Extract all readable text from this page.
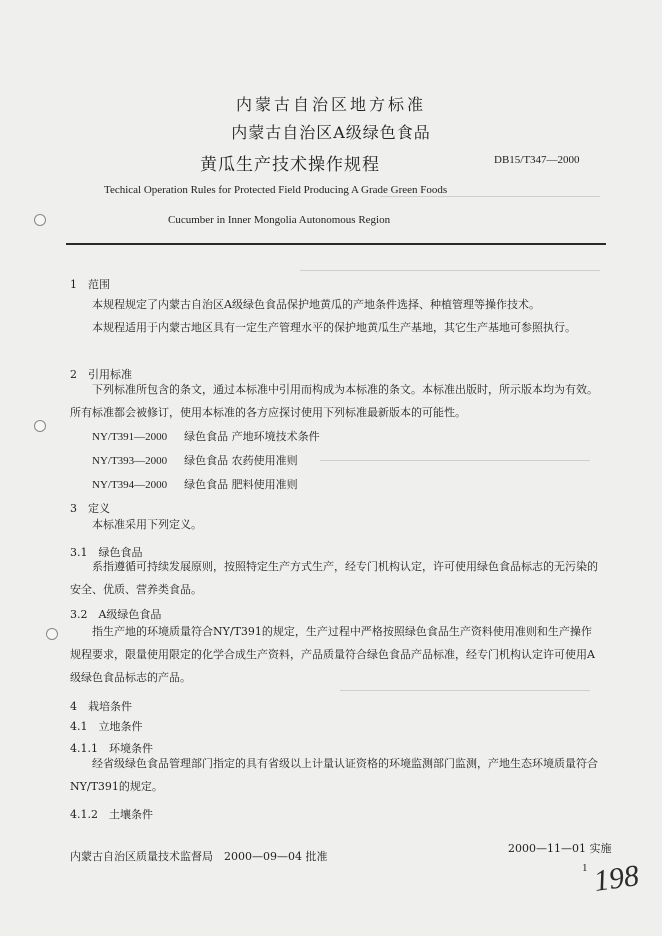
内蒙古自治区地方标准
内蒙古自治区A级绿色食品
黄瓜生产技术操作规程	DB15/T347—2000
Techical Operation Rules for Protected Field Producing A Grade Green Foods
Cucumber in Inner Mongolia Autonomous Region
1　范围
本规程规定了内蒙古自治区A级绿色食品保护地黄瓜的产地条件选择、种植管理等操作技术。
本规程适用于内蒙古地区具有一定生产管理水平的保护地黄瓜生产基地，其它生产基地可参照执行。
2　引用标准
下列标准所包含的条文，通过本标准中引用而构成为本标准的条文。本标准出版时，所示版本均为有效。所有标准都会被修订，使用本标准的各方应探讨使用下列标准最新版本的可能性。
NY/T391—2000 绿色食品 产地环境技术条件
NY/T393—2000 绿色食品 农药使用准则
NY/T394—2000 绿色食品 肥料使用准则
3　定义
本标准采用下列定义。
3.1　绿色食品
系指遵循可持续发展原则，按照特定生产方式生产，经专门机构认定，许可使用绿色食品标志的无污染的安全、优质、营养类食品。
3.2　A级绿色食品
指生产地的环境质量符合NY/T391的规定，生产过程中严格按照绿色食品生产资料使用准则和生产操作规程要求，限量使用限定的化学合成生产资料，产品质量符合绿色食品产品标准，经专门机构认定许可使用A级绿色食品标志的产品。
4　栽培条件
4.1　立地条件
4.1.1　环境条件
经省级绿色食品管理部门指定的具有省级以上计量认证资格的环境监测部门监测，产地生态环境质量符合NY/T391的规定。
4.1.2　土壤条件
内蒙古自治区质量技术监督局　2000—09—04 批准
2000—11—01 实施
1 198
